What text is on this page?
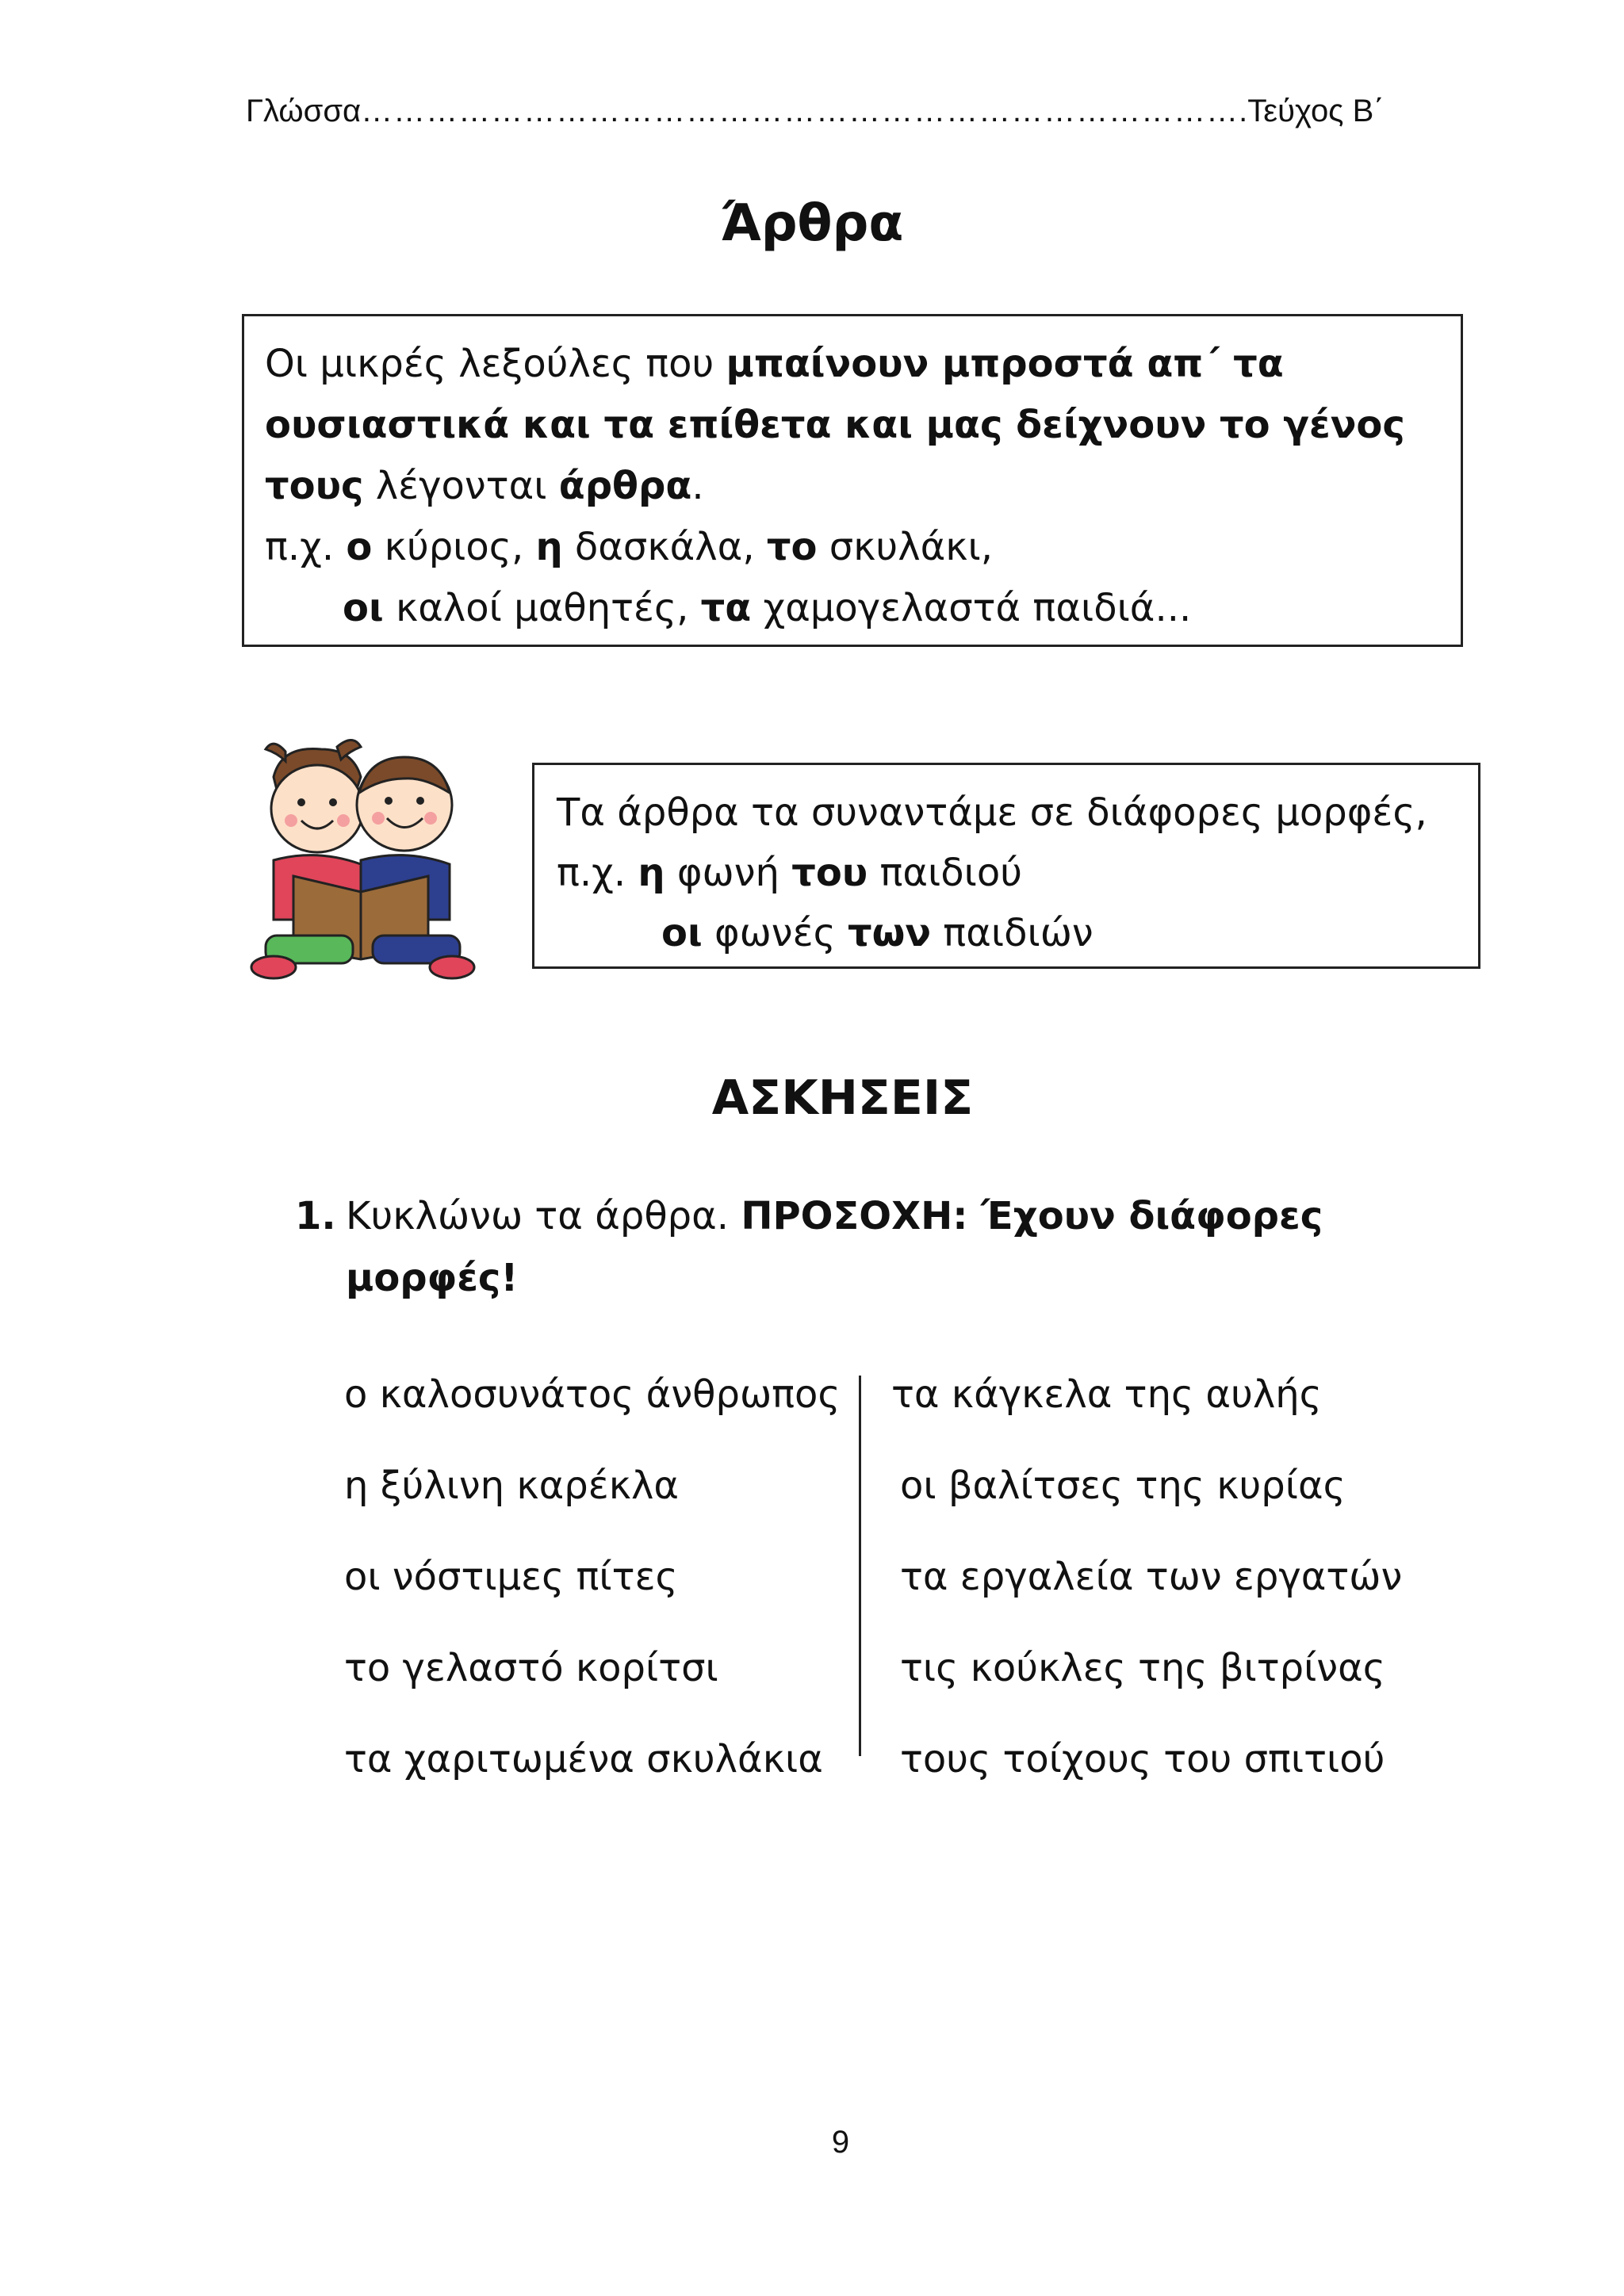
Γλώσσα……………………………………………………………………….Τεύχος Β΄
Άρθρα

Οι μικρές λεξούλες που μπαίνουν μπροστά απ΄ τα

ουσιαστικά και τα επίθετα και μας δείχνουν το γένος

τους λέγονται άρθρα.

π.χ. ο κύριος, η δασκάλα, το σκυλάκι,

οι καλοί μαθητές, τα χαμογελαστά παιδιά...

Τα άρθρα τα συναντάμε σε διάφορες μορφές,

π.χ. η φωνή του παιδιού

οι φωνές των παιδιών

ΑΣΚΗΣΕΙΣ
1. Κυκλώνω τα άρθρα. ΠΡΟΣΟΧΗ: Έχουν διάφορες
μορφές!
ο καλοσυνάτος άνθρωπος
η ξύλινη καρέκλα
οι νόστιμες πίτες
το γελαστό κορίτσι
τα χαριτωμένα σκυλάκια
τα κάγκελα της αυλής
οι βαλίτσες της κυρίας
τα εργαλεία των εργατών
τις κούκλες της βιτρίνας
τους τοίχους του σπιτιού
9
